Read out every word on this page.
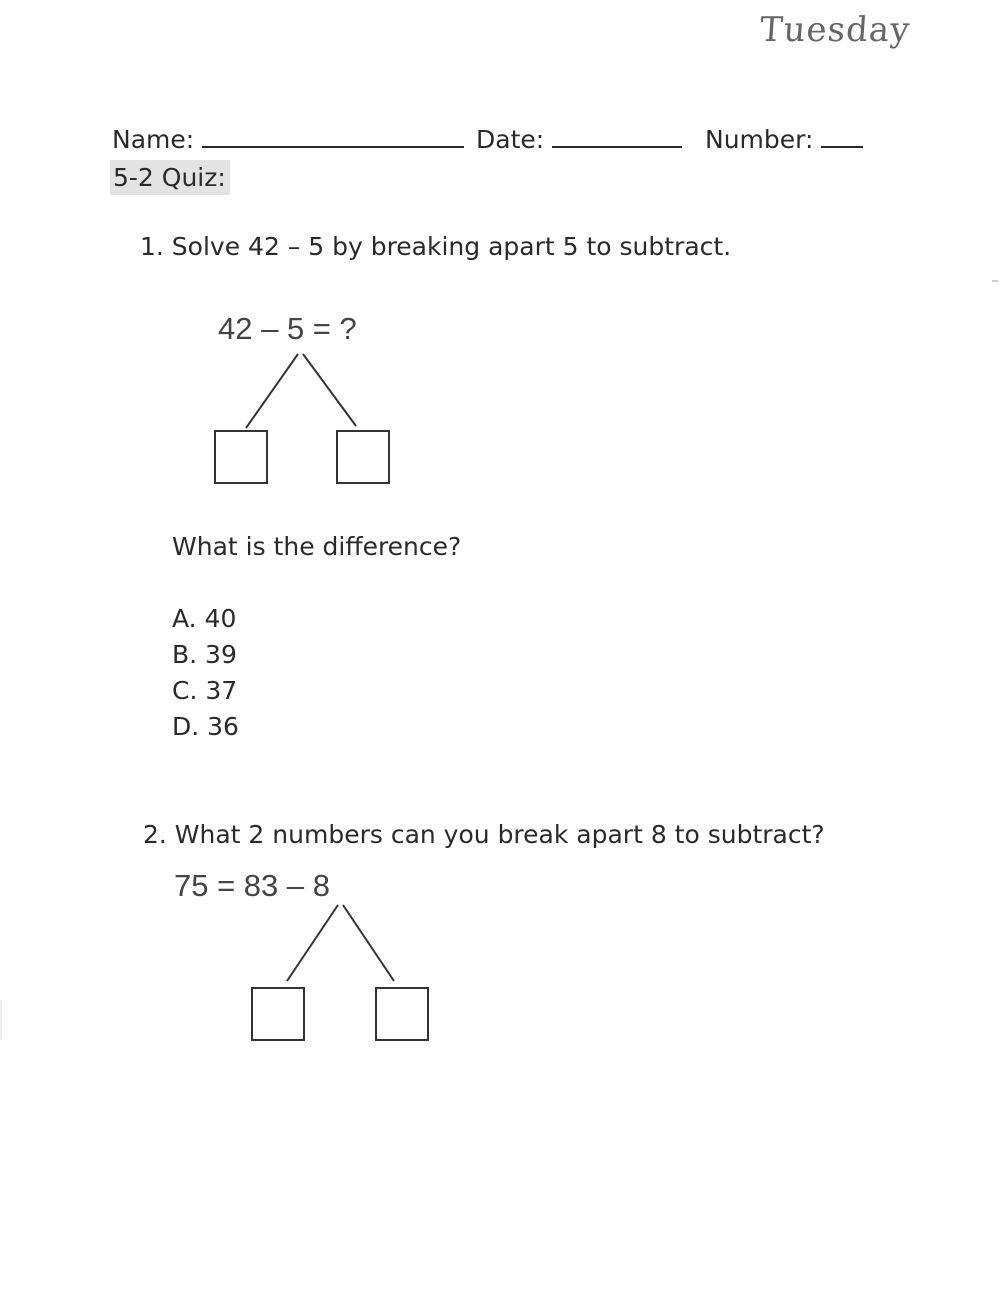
Tuesday
Name:	Date:	Number:
5-2 Quiz:
1. Solve 42 – 5 by breaking apart 5 to subtract.
42 – 5 = ?
What is the difference?
A. 40
B. 39
C. 37
D. 36
2. What 2 numbers can you break apart 8 to subtract?
75 = 83 – 8
